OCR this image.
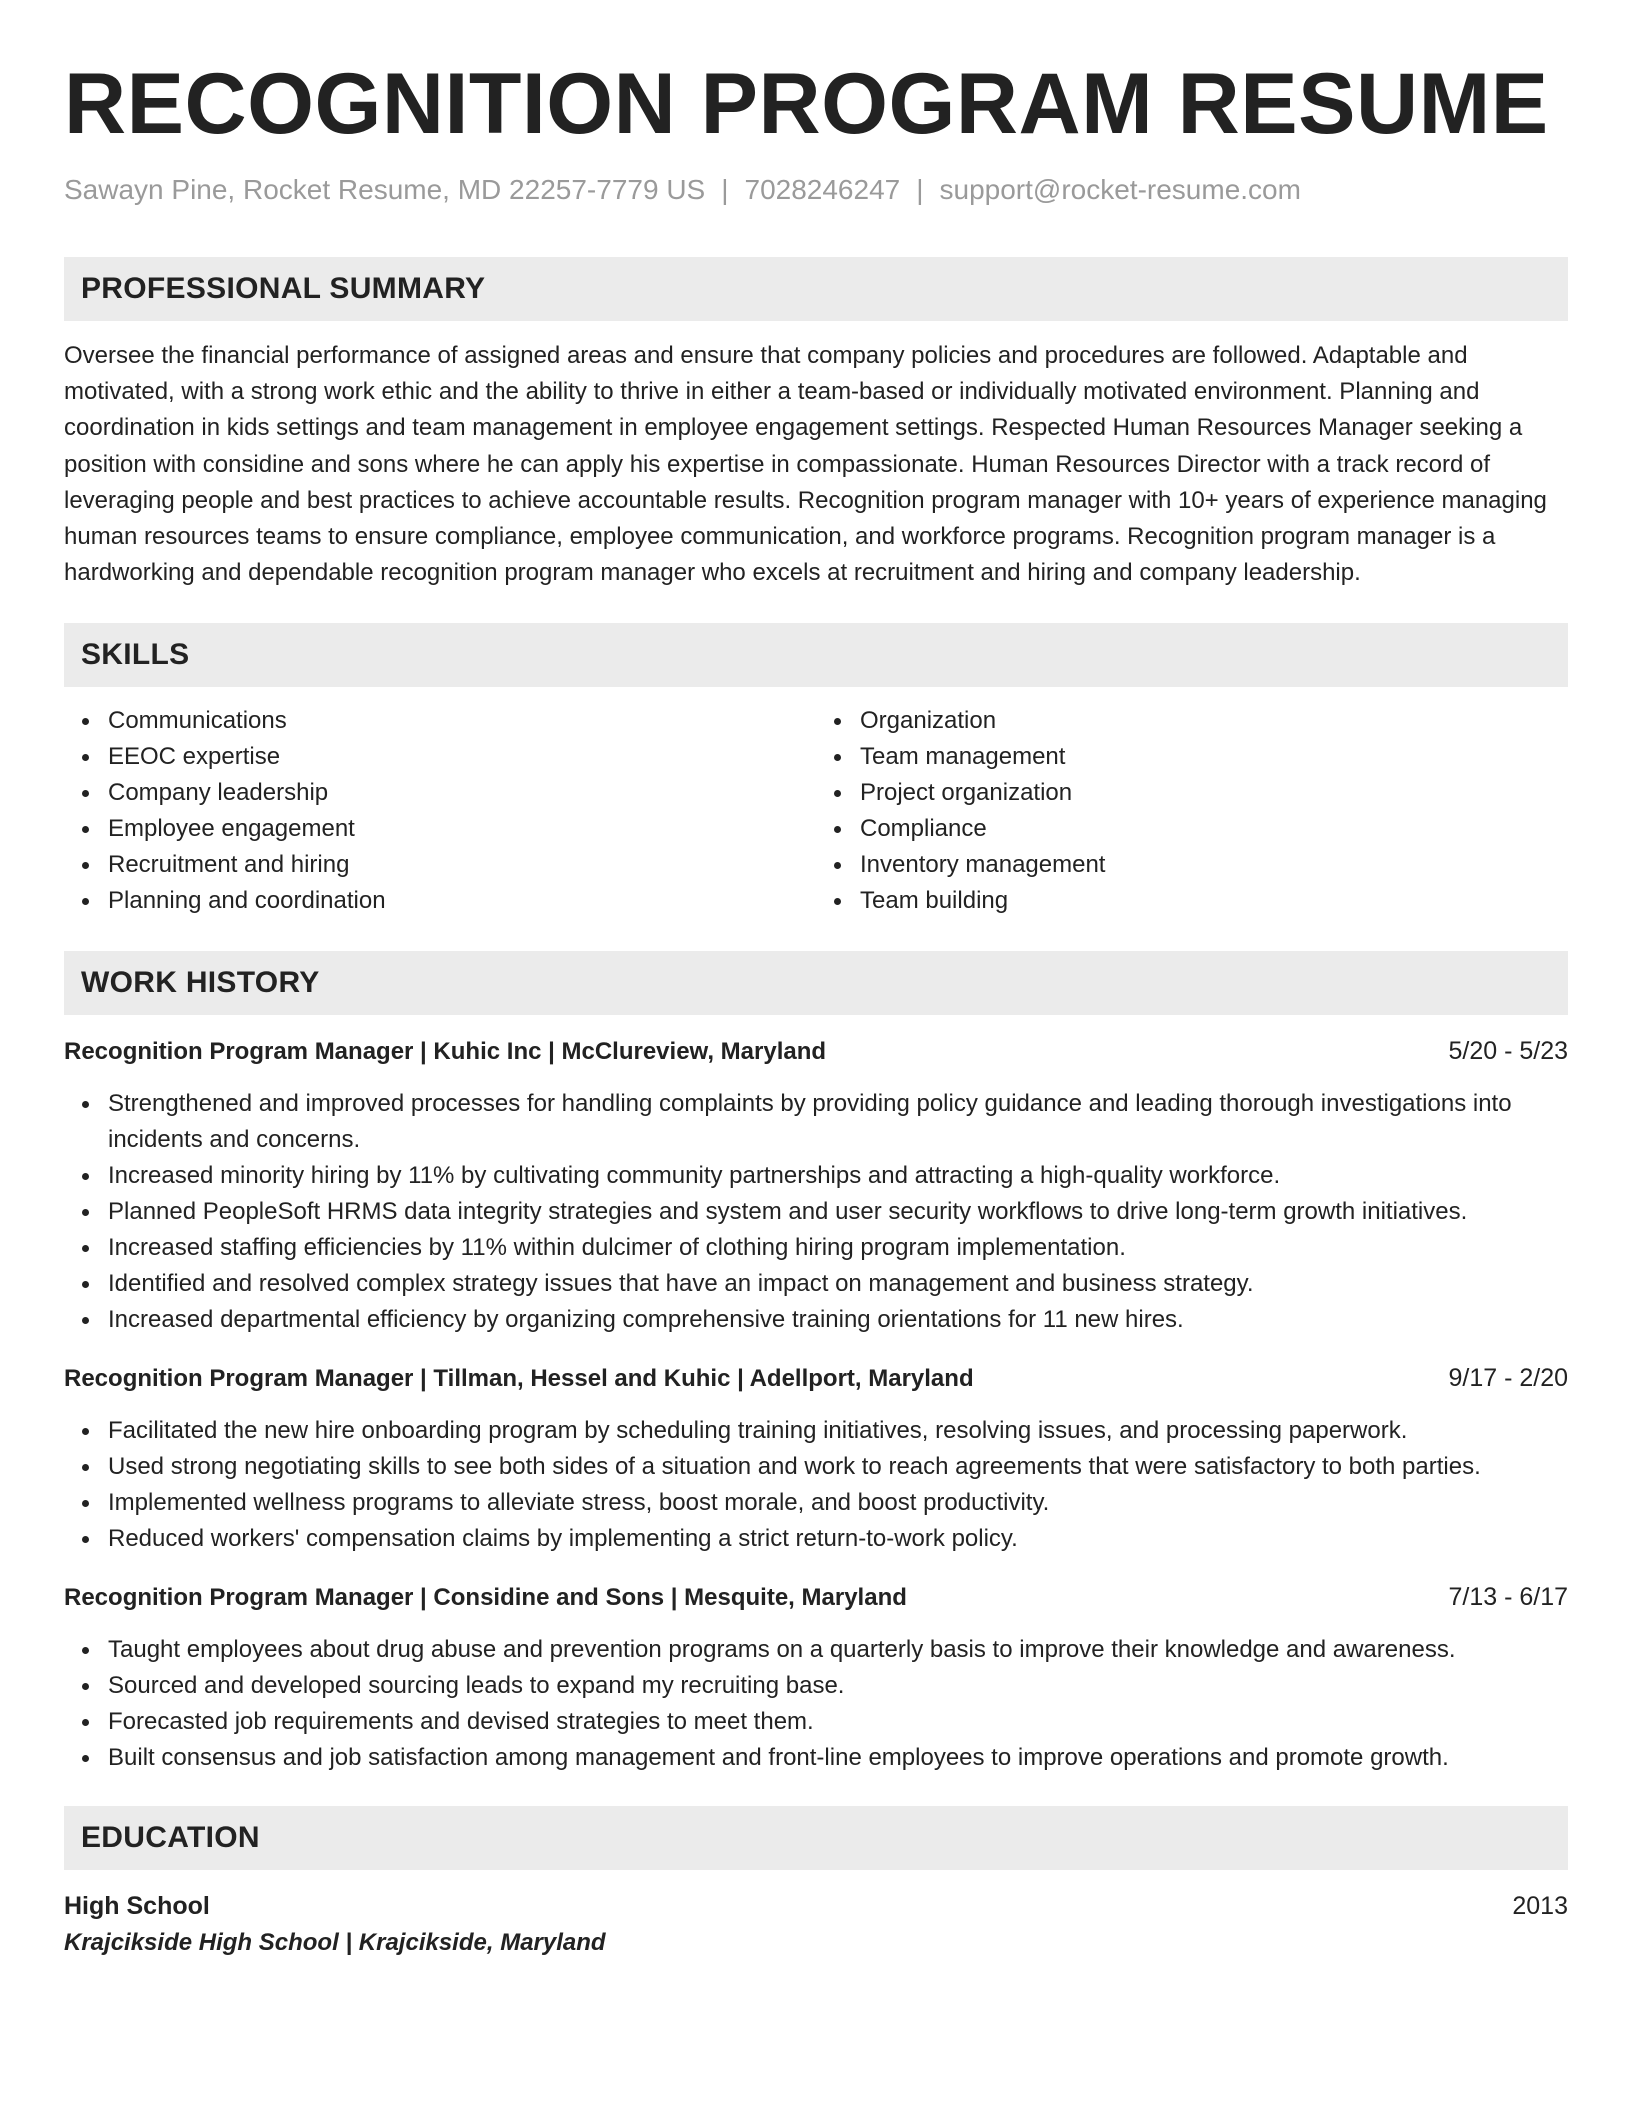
RECOGNITION PROGRAM RESUME
Sawayn Pine, Rocket Resume, MD 22257-7779 US | 7028246247 | support@rocket-resume.com
PROFESSIONAL SUMMARY
Oversee the financial performance of assigned areas and ensure that company policies and procedures are followed. Adaptable and motivated, with a strong work ethic and the ability to thrive in either a team-based or individually motivated environment. Planning and coordination in kids settings and team management in employee engagement settings. Respected Human Resources Manager seeking a position with considine and sons where he can apply his expertise in compassionate. Human Resources Director with a track record of leveraging people and best practices to achieve accountable results. Recognition program manager with 10+ years of experience managing human resources teams to ensure compliance, employee communication, and workforce programs. Recognition program manager is a hardworking and dependable recognition program manager who excels at recruitment and hiring and company leadership.
SKILLS
Communications
EEOC expertise
Company leadership
Employee engagement
Recruitment and hiring
Planning and coordination
Organization
Team management
Project organization
Compliance
Inventory management
Team building
WORK HISTORY
Recognition Program Manager | Kuhic Inc | McClureview, Maryland	5/20 - 5/23
Strengthened and improved processes for handling complaints by providing policy guidance and leading thorough investigations into incidents and concerns.
Increased minority hiring by 11% by cultivating community partnerships and attracting a high-quality workforce.
Planned PeopleSoft HRMS data integrity strategies and system and user security workflows to drive long-term growth initiatives.
Increased staffing efficiencies by 11% within dulcimer of clothing hiring program implementation.
Identified and resolved complex strategy issues that have an impact on management and business strategy.
Increased departmental efficiency by organizing comprehensive training orientations for 11 new hires.
Recognition Program Manager | Tillman, Hessel and Kuhic | Adellport, Maryland	9/17 - 2/20
Facilitated the new hire onboarding program by scheduling training initiatives, resolving issues, and processing paperwork.
Used strong negotiating skills to see both sides of a situation and work to reach agreements that were satisfactory to both parties.
Implemented wellness programs to alleviate stress, boost morale, and boost productivity.
Reduced workers' compensation claims by implementing a strict return-to-work policy.
Recognition Program Manager | Considine and Sons | Mesquite, Maryland	7/13 - 6/17
Taught employees about drug abuse and prevention programs on a quarterly basis to improve their knowledge and awareness.
Sourced and developed sourcing leads to expand my recruiting base.
Forecasted job requirements and devised strategies to meet them.
Built consensus and job satisfaction among management and front-line employees to improve operations and promote growth.
EDUCATION
High School	2013
Krajcikside High School | Krajcikside, Maryland
